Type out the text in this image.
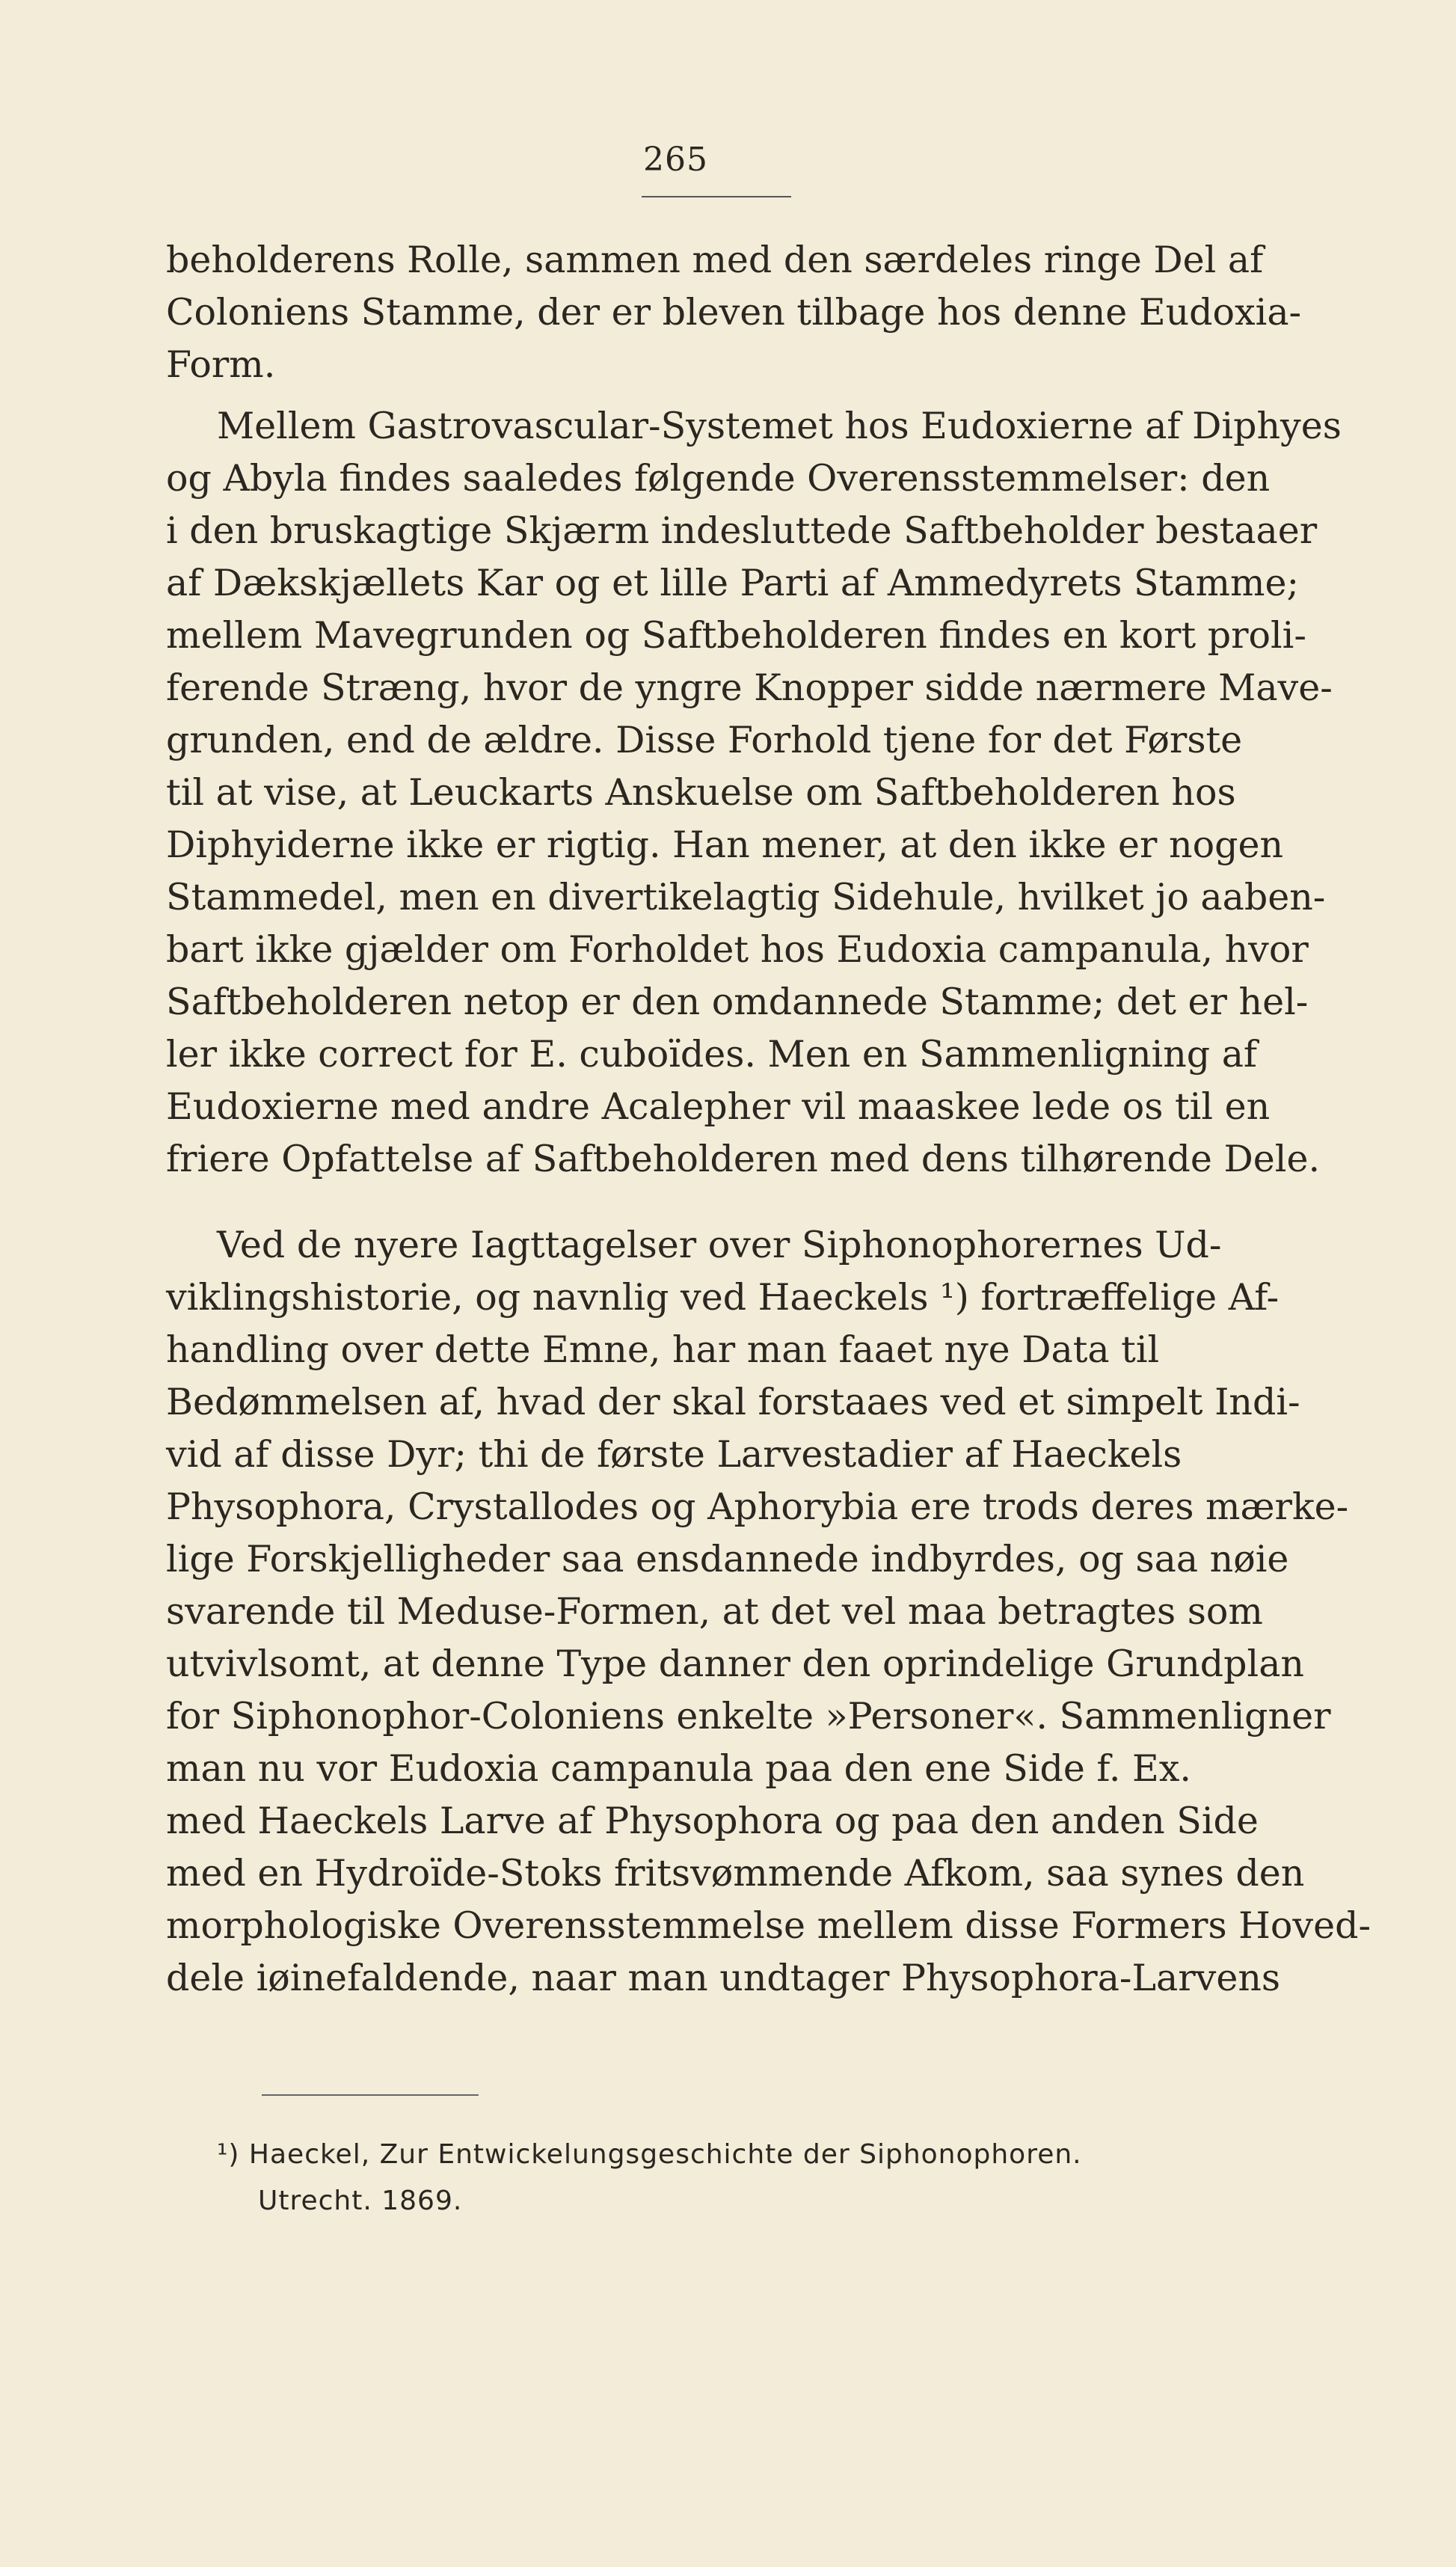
265
beholderens Rolle, sammen med den særdeles ringe Del af
Coloniens Stamme, der er bleven tilbage hos denne Eudoxia-
Form.
Mellem Gastrovascular-Systemet hos Eudoxierne af Diphyes
og Abyla findes saaledes følgende Overensstemmelser: den
i den bruskagtige Skjærm indesluttede Saftbeholder bestaaer
af Dækskjællets Kar og et lille Parti af Ammedyrets Stamme;
mellem Mavegrunden og Saftbeholderen findes en kort proli-
ferende Stræng, hvor de yngre Knopper sidde nærmere Mave-
grunden, end de ældre. Disse Forhold tjene for det Første
til at vise, at Leuckarts Anskuelse om Saftbeholderen hos
Diphyiderne ikke er rigtig. Han mener, at den ikke er nogen
Stammedel, men en divertikelagtig Sidehule, hvilket jo aaben-
bart ikke gjælder om Forholdet hos Eudoxia campanula, hvor
Saftbeholderen netop er den omdannede Stamme; det er hel-
ler ikke correct for E. cuboïdes. Men en Sammenligning af
Eudoxierne med andre Acalepher vil maaskee lede os til en
friere Opfattelse af Saftbeholderen med dens tilhørende Dele.
Ved de nyere Iagttagelser over Siphonophorernes Ud-
viklingshistorie, og navnlig ved Haeckels ¹) fortræffelige Af-
handling over dette Emne, har man faaet nye Data til
Bedømmelsen af, hvad der skal forstaaes ved et simpelt Indi-
vid af disse Dyr; thi de første Larvestadier af Haeckels
Physophora, Crystallodes og Aphorybia ere trods deres mærke-
lige Forskjelligheder saa ensdannede indbyrdes, og saa nøie
svarende til Meduse-Formen, at det vel maa betragtes som
utvivlsomt, at denne Type danner den oprindelige Grundplan
for Siphonophor-Coloniens enkelte »Personer«. Sammenligner
man nu vor Eudoxia campanula paa den ene Side f. Ex.
med Haeckels Larve af Physophora og paa den anden Side
med en Hydroïde-Stoks fritsvømmende Afkom, saa synes den
morphologiske Overensstemmelse mellem disse Formers Hoved-
dele iøinefaldende, naar man undtager Physophora-Larvens
¹) Haeckel, Zur Entwickelungsgeschichte der Siphonophoren.
Utrecht. 1869.
